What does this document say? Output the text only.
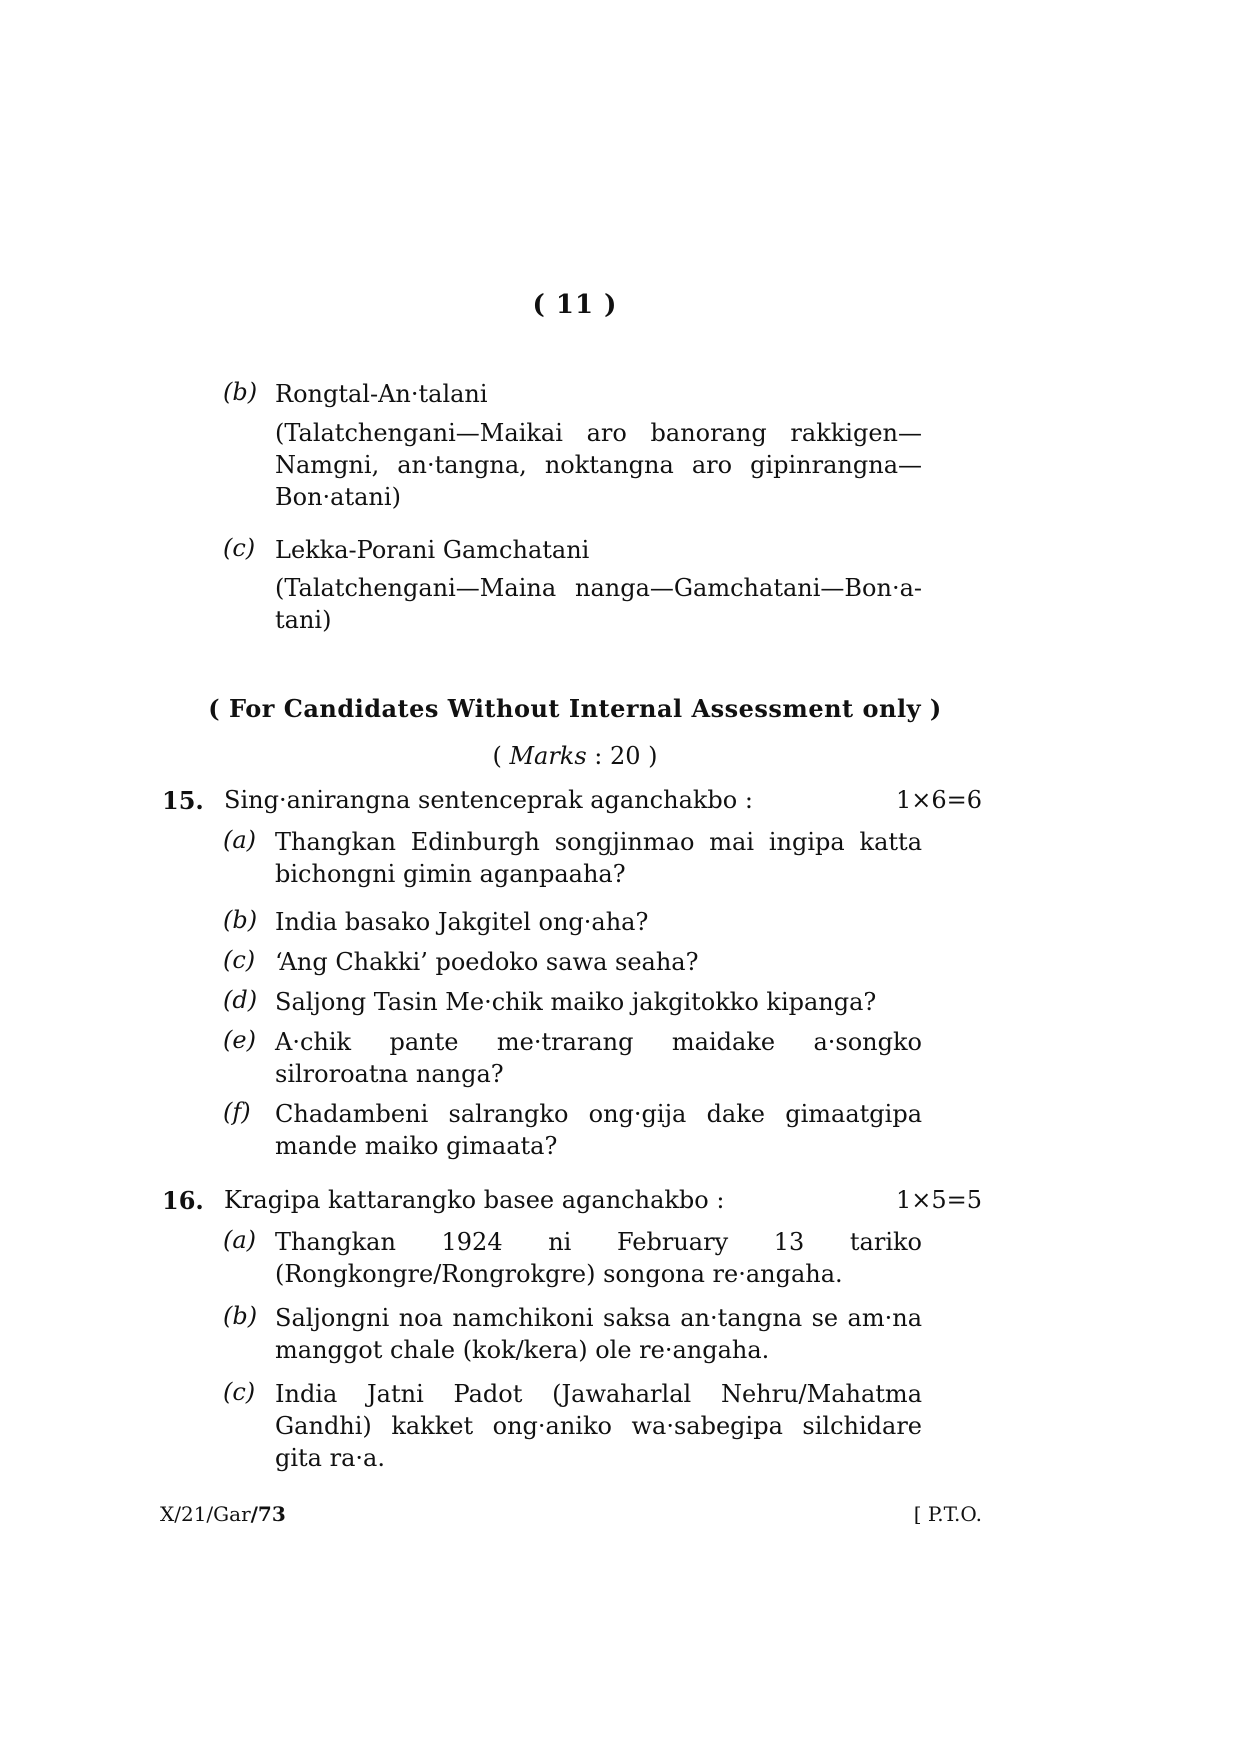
( 11 )
(b) Rongtal-An·talani
(Talatchengani—Maikai aro banorang rakkigen—Namgni, an·tangna, noktangna aro gipinrangna—Bon·atani)
(c) Lekka-Porani Gamchatani
(Talatchengani—Maina nanga—Gamchatani—Bon·a-tani)
( For Candidates Without Internal Assessment only )
( Marks : 20 )
15. Sing·anirangna sentenceprak aganchakbo :	1×6=6
(a) Thangkan Edinburgh songjinmao mai ingipa katta bichongni gimin aganpaaha?
(b) India basako Jakgitel ong·aha?
(c) ‘Ang Chakki’ poedoko sawa seaha?
(d) Saljong Tasin Me·chik maiko jakgitokko kipanga?
(e) A·chik pante me·trarang maidake a·songko silroroatna nanga?
(f)	Chadambeni salrangko ong·gija dake gimaatgipa mande maiko gimaata?
16. Kragipa kattarangko basee aganchakbo :	1×5=5
(a) Thangkan 1924 ni February 13 tariko (Rongkongre/Rongrokgre) songona re·angaha.
(b) Saljongni noa namchikoni saksa an·tangna se am·na manggot chale (kok/kera) ole re·angaha.
(c) India Jatni Padot (Jawaharlal Nehru/Mahatma Gandhi) kakket ong·aniko wa·sabegipa silchidare gita ra·a.
X/21/Gar/73	[ P.T.O.
